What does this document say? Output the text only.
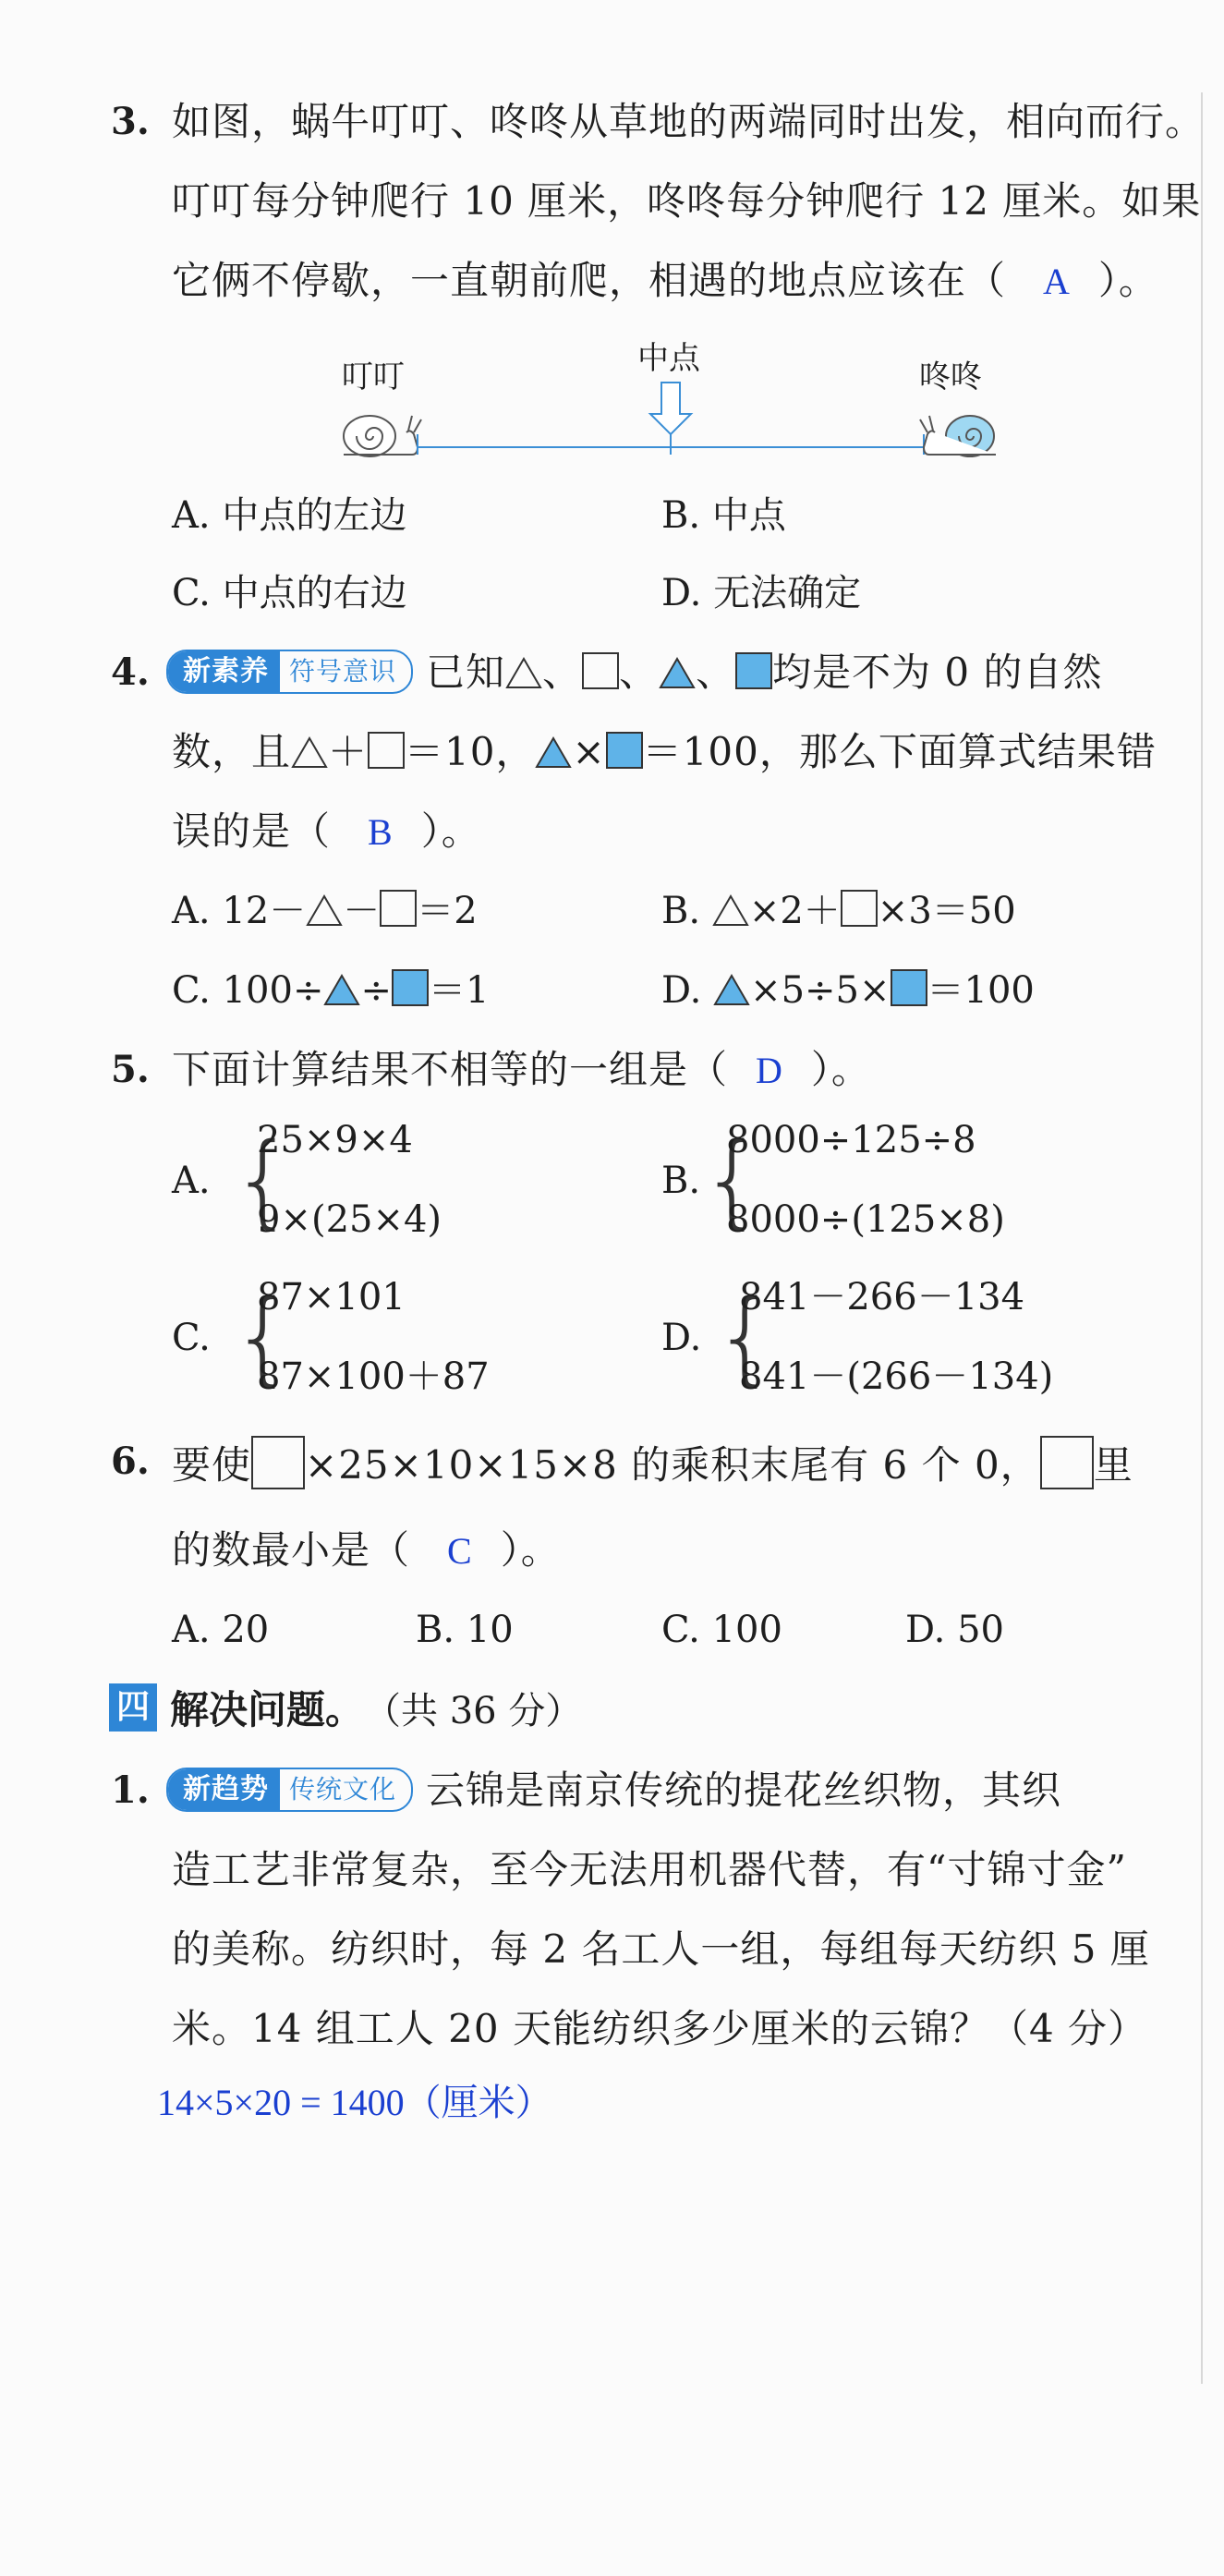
3. 如图，蜗牛叮叮、咚咚从草地的两端同时出发，相向而行。
叮叮每分钟爬行 10 厘米，咚咚每分钟爬行 12 厘米。如果
它俩不停歇，一直朝前爬，相遇的地点应该在（ A ）。
叮叮	中点	咚咚
A. 中点的左边	B. 中点
C. 中点的右边	D. 无法确定
4.	新素养 符号意识 已知 、 、 、 均是不为 0 的自然
数，且 ＋ ＝10， × ＝100，那么下面算式结果错
误的是（ B ）。
A. 12－ － ＝2	B. ×2＋ ×3＝50
C. 100÷ ÷ ＝1	D. ×5÷5× ＝100
5. 下面计算结果不相等的一组是（ D ）。
A. {
25×9×4
9×(25×4)
B. {
8000÷125÷8
8000÷(125×8)
C. {
87×101
87×100＋87
D. {
841－266－134
841－(266－134)
6. 要使 ×25×10×15×8 的乘积末尾有 6 个 0， 里
的数最小是（ C ）。
A. 20	B. 10	C. 100	D. 50
四 解决问题。 （共 36 分）
1.	新趋势 传统文化 云锦是南京传统的提花丝织物，其织
造工艺非常复杂，至今无法用机器代替，有“寸锦寸金”
的美称。纺织时，每 2 名工人一组，每组每天纺织 5 厘
米。14 组工人 20 天能纺织多少厘米的云锦？（4 分）
14×5×20 = 1400（厘米）
